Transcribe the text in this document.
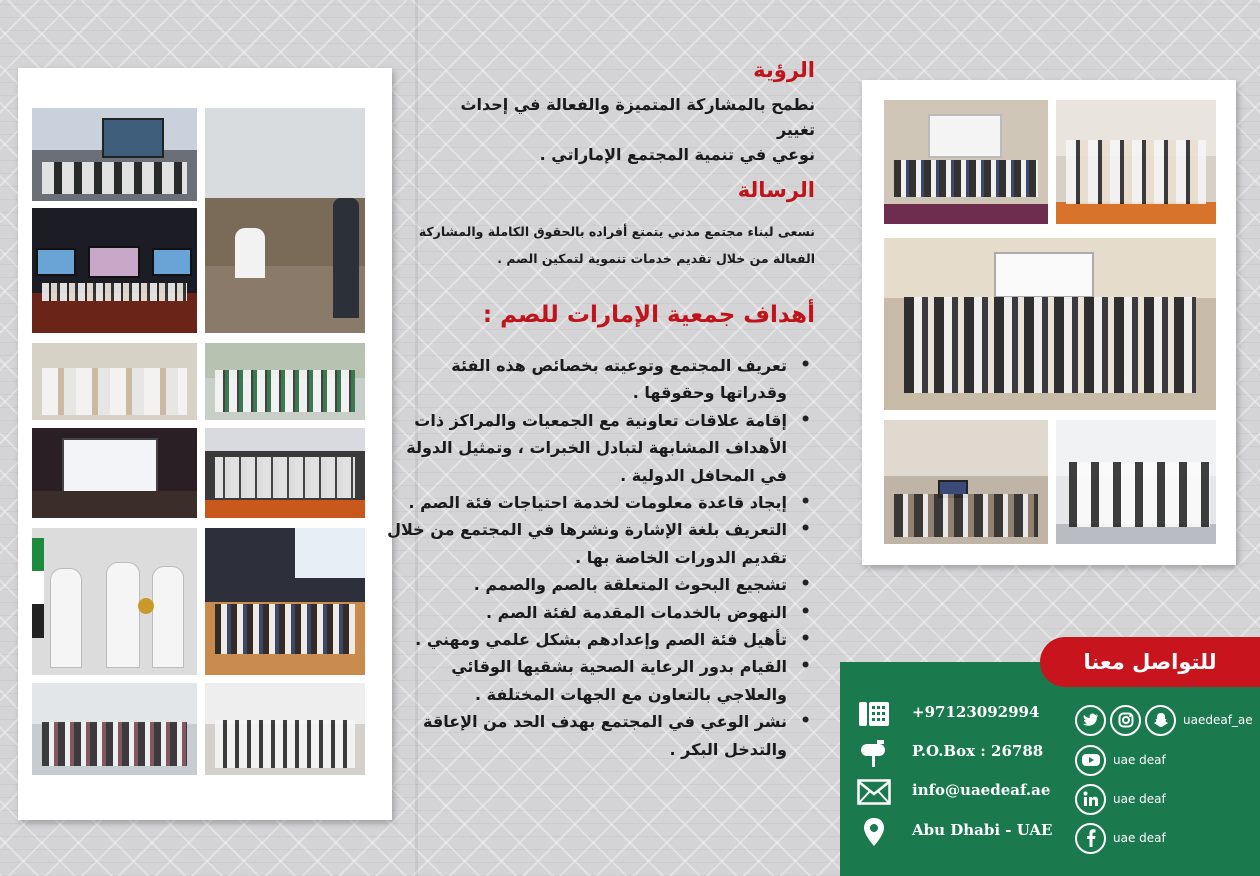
الرؤية
نطمح بالمشاركة المتميزة والفعالة في إحداث تغيير
نوعي في تنمية المجتمع الإماراتي .
الرسالة
نسعى لبناء مجتمع مدني يتمتع أفراده بالحقوق الكاملة والمشاركة
الفعالة من خلال تقديم خدمات تنموية لتمكين الصم .
أهداف جمعية الإمارات للصم :
• تعريف المجتمع وتوعيته بخصائص هذه الفئة
وقدراتها وحقوقها .
• إقامة علاقات تعاونية مع الجمعيات والمراكز ذات
الأهداف المشابهة لتبادل الخبرات ، وتمثيل الدولة
في المحافل الدولية .
• إيجاد قاعدة معلومات لخدمة احتياجات فئة الصم .
• التعريف بلغة الإشارة ونشرها في المجتمع من خلال
تقديم الدورات الخاصة بها .
• تشجيع البحوث المتعلقة بالصم والصمم .
• النهوض بالخدمات المقدمة لفئة الصم .
• تأهيل فئة الصم وإعدادهم بشكل علمي ومهني .
• القيام بدور الرعاية الصحية بشقيها الوقائي
والعلاجي بالتعاون مع الجهات المختلفة .
• نشر الوعي في المجتمع بهدف الحد من الإعاقة
والتدخل البكر .
للتواصل معنا
+97123092994
P.O.Box : 26788
info@uaedeaf.ae
Abu Dhabi - UAE
uaedeaf_ae
uae deaf
uae deaf
uae deaf
